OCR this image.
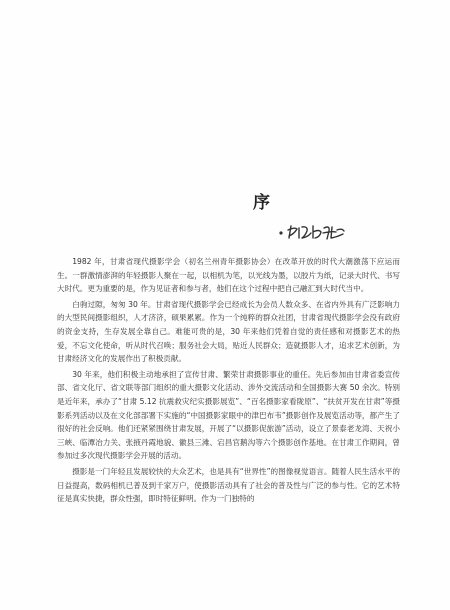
序

1982 年，甘肃省现代摄影学会（初名兰州青年摄影协会）在改革开放的时代大潮激荡下应运而生。一群激情澎湃的年轻摄影人聚在一起，以相机为笔，以光线为墨，以胶片为纸，记录大时代、书写大时代。更为重要的是，作为见证者和参与者，他们在这个过程中把自己融汇到大时代当中。

白驹过隙，匆匆 30 年。甘肃省现代摄影学会已经成长为会员人数众多、在省内外具有广泛影响力的大型民间摄影组织，人才济济，硕果累累。作为一个纯粹的群众社团，甘肃省现代摄影学会没有政府的资金支持，生存发展全靠自己。难能可贵的是，30 年来他们凭着自觉的责任感和对摄影艺术的热爱，不忘文化使命，听从时代召唤；服务社会大局，贴近人民群众；造就摄影人才，追求艺术创新，为甘肃经济文化的发展作出了积极贡献。

30 年来，他们积极主动地承担了宣传甘肃、繁荣甘肃摄影事业的重任。先后参加由甘肃省委宣传部、省文化厅、省文联等部门组织的重大摄影文化活动、涉外交流活动和全国摄影大赛 50 余次。特别是近年来，承办了“甘肃 5.12 抗震救灾纪实摄影展览”、“百名摄影家看陇原”、“扶贫开发在甘肃”等摄影系列活动以及在文化部部署下实施的“中国摄影家眼中的津巴布韦”摄影创作及展览活动等，都产生了很好的社会反响。他们还紧紧围绕甘肃发展，开展了“以摄影促旅游”活动，设立了景泰老龙湾、天祝小三峡、临潭冶力关、张掖丹霞地貌、徽县三滩、宕昌官鹅沟等六个摄影创作基地。在甘肃工作期间，曾参加过多次现代摄影学会开展的活动。

摄影是一门年轻且发展较快的大众艺术，也是具有“世界性”的图像视觉语言。随着人民生活水平的日益提高，数码相机已普及到千家万户，使摄影活动具有了社会的普及性与广泛的参与性。它的艺术特征是真实快捷，群众性强，即时特征鲜明。作为一门独特的
